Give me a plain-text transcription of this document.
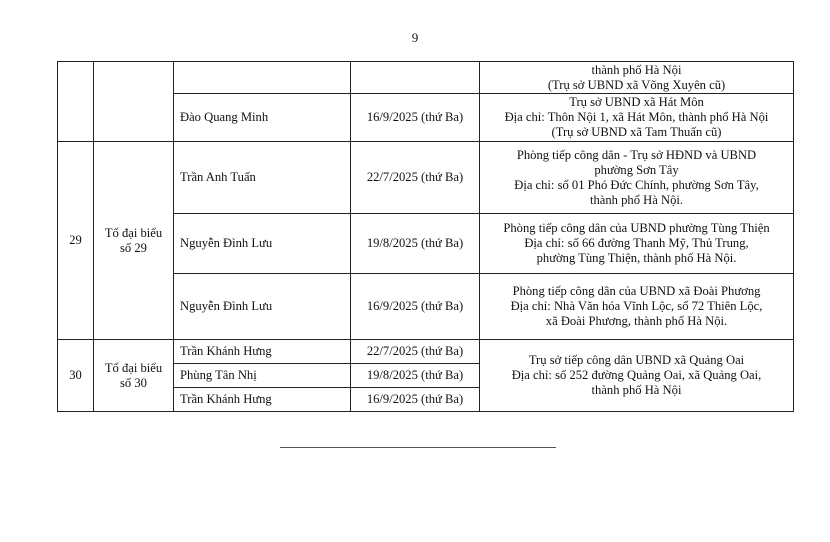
9

				thành phố Hà Nội
(Trụ sở UBND xã Võng Xuyên cũ)

		Đào Quang Minh	16/9/2025 (thứ Ba)	Trụ sở UBND xã Hát Môn
Địa chỉ: Thôn Nội 1, xã Hát Môn, thành phố Hà Nội
(Trụ sở UBND xã Tam Thuấn cũ)

29	Tổ đại biểu số 29	Trần Anh Tuấn	22/7/2025 (thứ Ba)	Phòng tiếp công dân - Trụ sở HĐND và UBND
phường Sơn Tây
Địa chỉ: số 01 Phó Đức Chính, phường Sơn Tây,
thành phố Hà Nội.

		Nguyễn Đình Lưu	19/8/2025 (thứ Ba)	Phòng tiếp công dân của UBND phường Tùng Thiện
Địa chỉ: số 66 đường Thanh Mỹ, Thủ Trung,
phường Tùng Thiện, thành phố Hà Nội.

		Nguyễn Đình Lưu	16/9/2025 (thứ Ba)	Phòng tiếp công dân của UBND xã Đoài Phương
Địa chỉ: Nhà Văn hóa Vĩnh Lộc, số 72 Thiên Lộc,
xã Đoài Phương, thành phố Hà Nội.

30	Tổ đại biểu số 30	Trần Khánh Hưng	22/7/2025 (thứ Ba)	Trụ sở tiếp công dân UBND xã Quảng Oai
Địa chỉ: số 252 đường Quảng Oai, xã Quảng Oai,
thành phố Hà Nội

		Phùng Tân Nhị	19/8/2025 (thứ Ba)	
		Trần Khánh Hưng	16/9/2025 (thứ Ba)	
